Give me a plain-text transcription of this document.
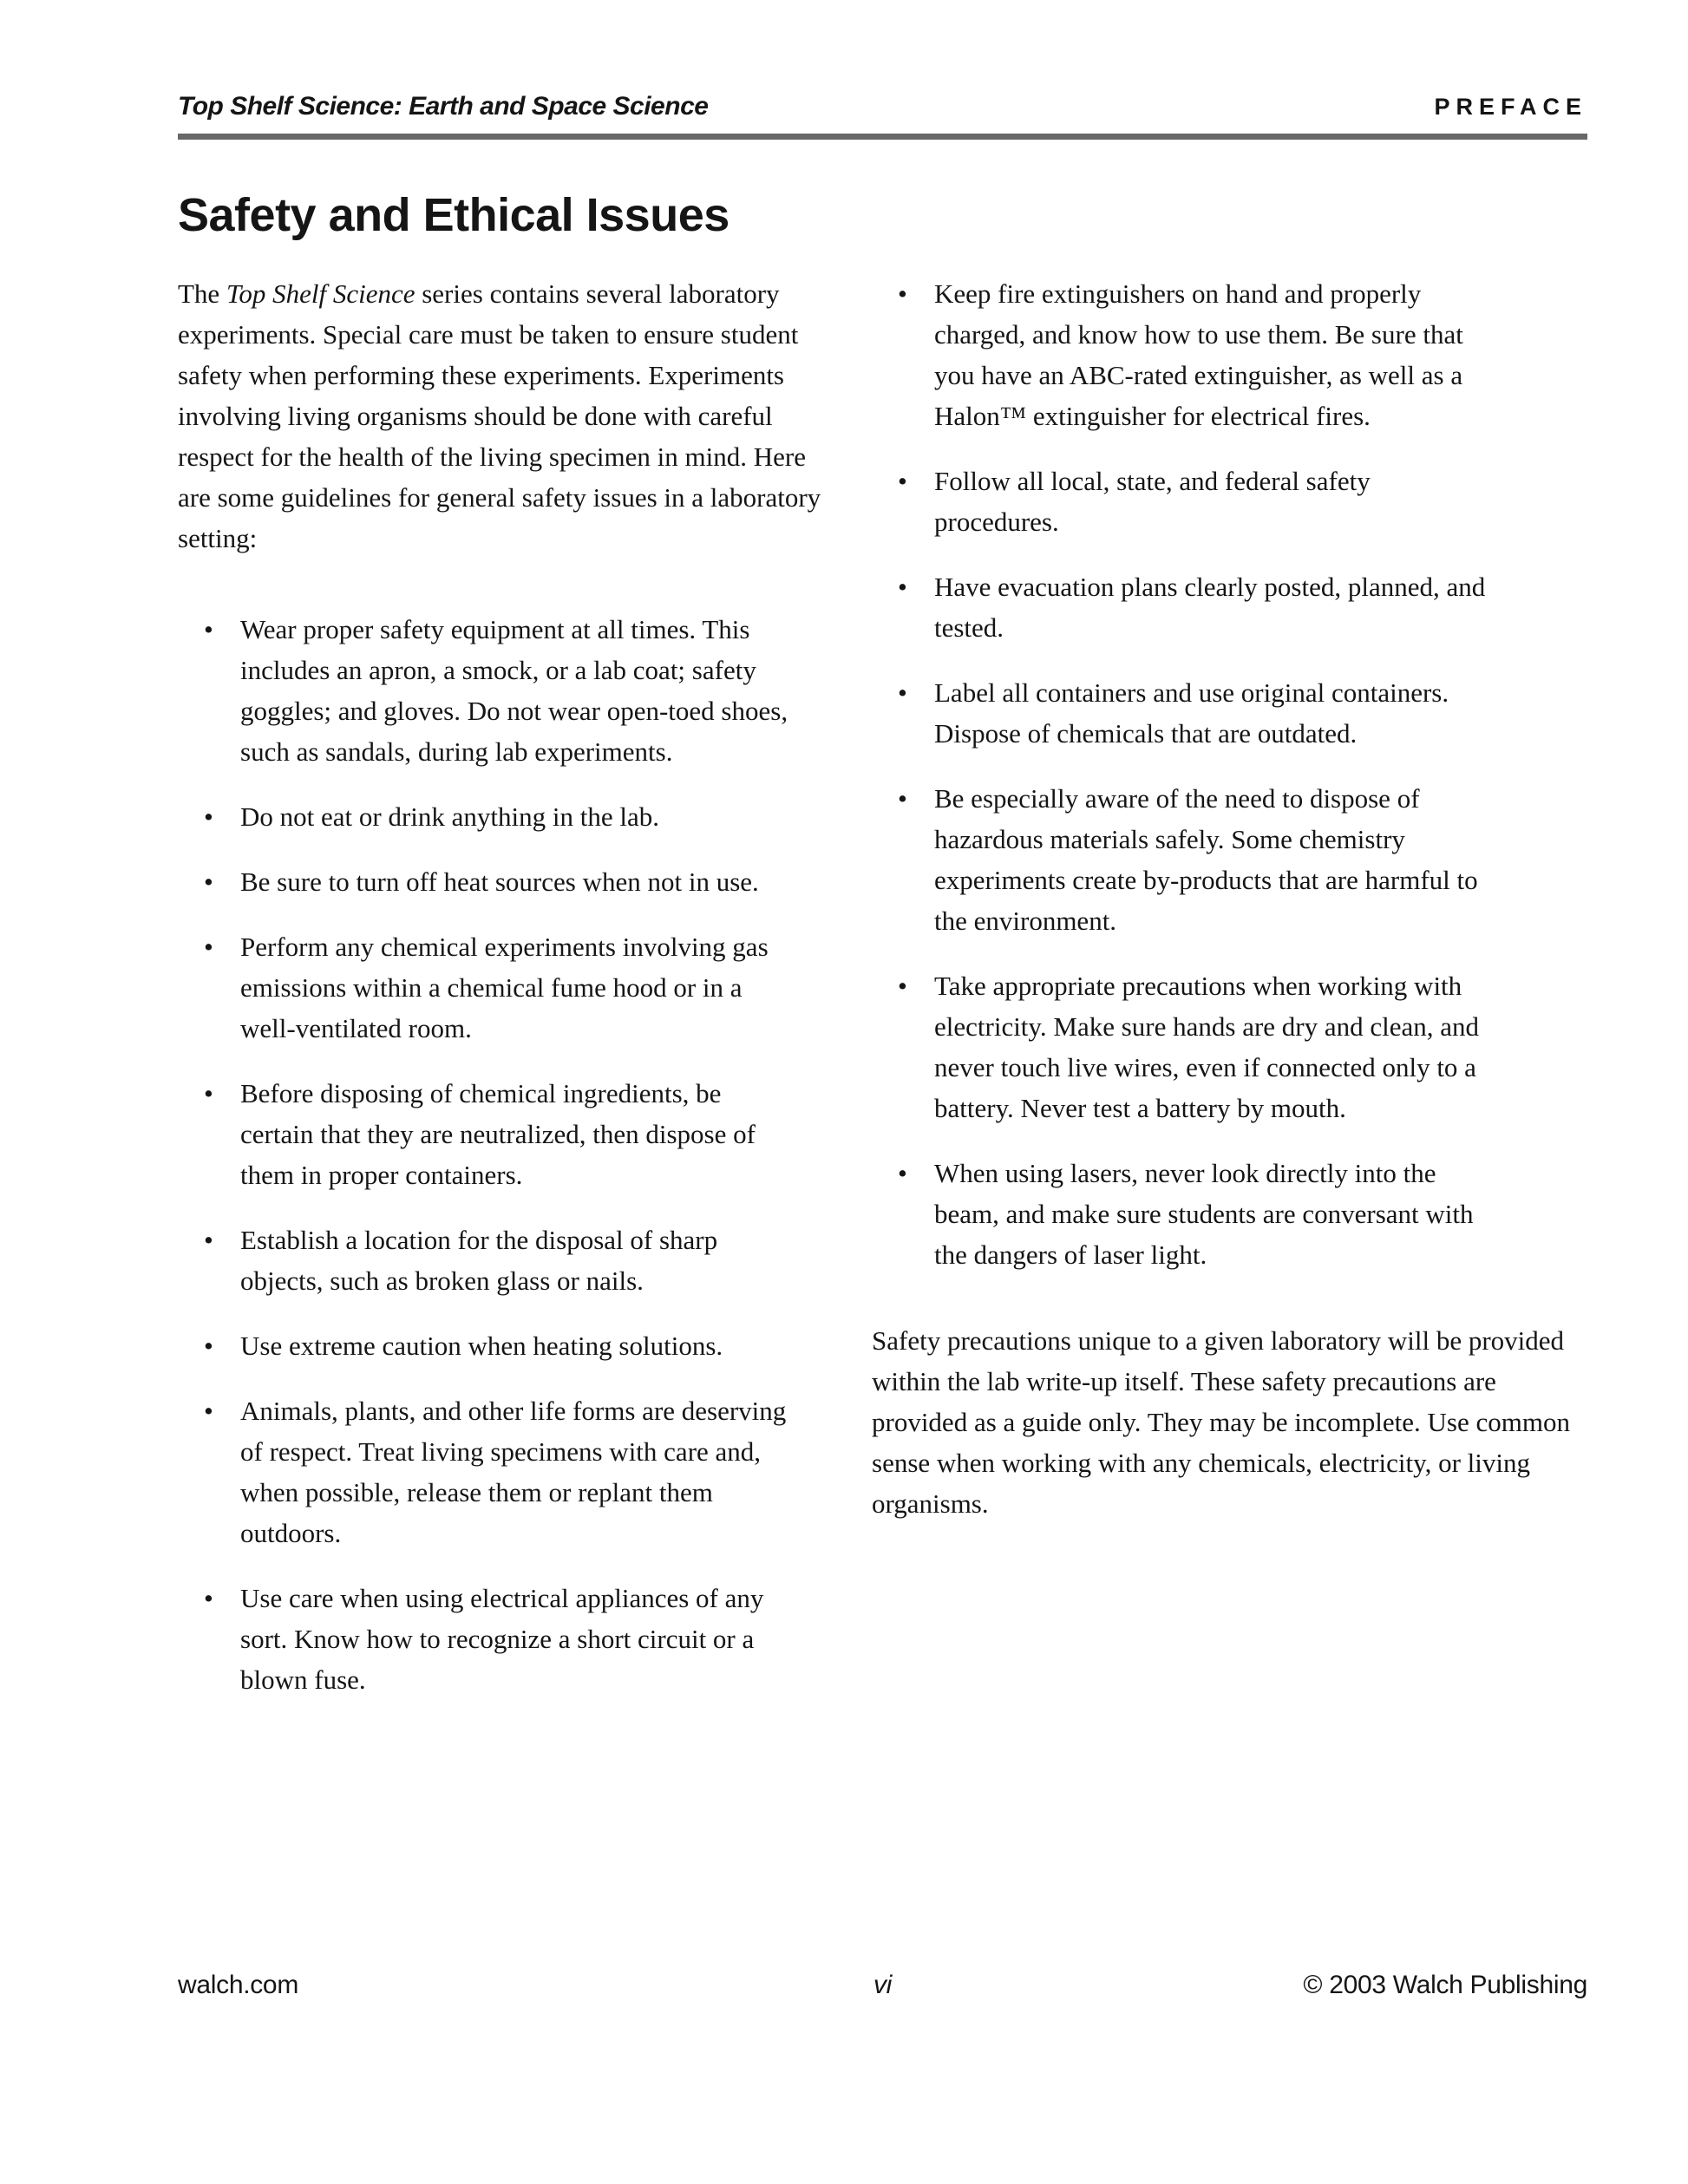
Top Shelf Science: Earth and Space Science	PREFACE
Safety and Ethical Issues

The Top Shelf Science series contains several laboratory experiments. Special care must be taken to ensure student safety when performing these experiments. Experiments involving living organisms should be done with careful respect for the health of the living specimen in mind. Here are some guidelines for general safety issues in a laboratory setting:

•	Wear proper safety equipment at all times. This includes an apron, a smock, or a lab coat; safety goggles; and gloves. Do not wear open-toed shoes, such as sandals, during lab experiments.
•	Do not eat or drink anything in the lab.
•	Be sure to turn off heat sources when not in use.
•	Perform any chemical experiments involving gas emissions within a chemical fume hood or in a well-ventilated room.
•	Before disposing of chemical ingredients, be certain that they are neutralized, then dispose of them in proper containers.
•	Establish a location for the disposal of sharp objects, such as broken glass or nails.
•	Use extreme caution when heating solutions.
•	Animals, plants, and other life forms are deserving of respect. Treat living specimens with care and, when possible, release them or replant them outdoors.
•	Use care when using electrical appliances of any sort. Know how to recognize a short circuit or a blown fuse.
•	Keep fire extinguishers on hand and properly charged, and know how to use them. Be sure that you have an ABC-rated extinguisher, as well as a Halon™ extinguisher for electrical fires.
•	Follow all local, state, and federal safety procedures.
•	Have evacuation plans clearly posted, planned, and tested.
•	Label all containers and use original containers. Dispose of chemicals that are outdated.
•	Be especially aware of the need to dispose of hazardous materials safely. Some chemistry experiments create by-products that are harmful to the environment.
•	Take appropriate precautions when working with electricity. Make sure hands are dry and clean, and never touch live wires, even if connected only to a battery. Never test a battery by mouth.
•	When using lasers, never look directly into the beam, and make sure students are conversant with the dangers of laser light.

Safety precautions unique to a given laboratory will be provided within the lab write-up itself. These safety precautions are provided as a guide only. They may be incomplete. Use common sense when working with any chemicals, electricity, or living organisms.

walch.com	vi	© 2003 Walch Publishing
